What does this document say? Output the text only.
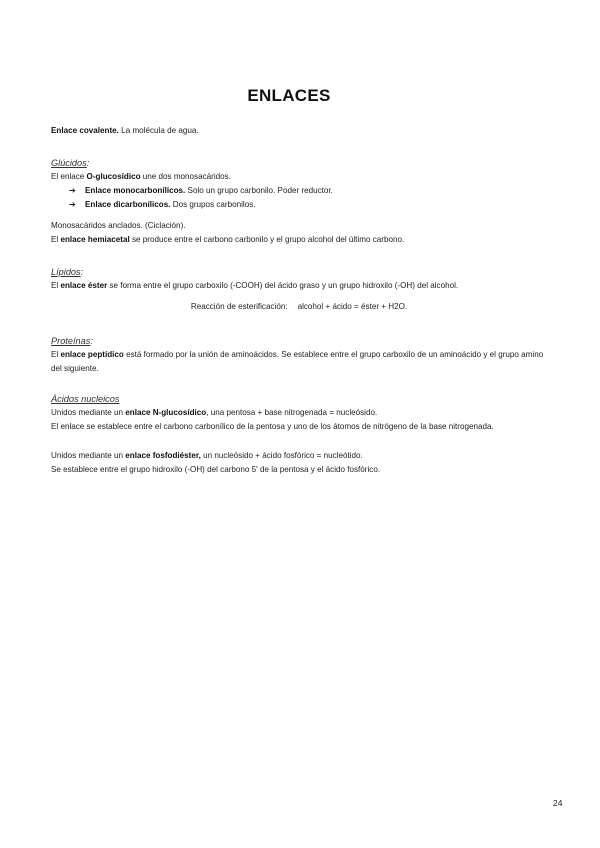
ENLACES

Enlace covalente. La molécula de agua.

Glúcidos:

El enlace O-glucosídico une dos monosacáridos.

➔ Enlace monocarbonílicos. Solo un grupo carbonilo. Poder reductor.

➔ Enlace dicarbonílicos. Dos grupos carbonilos.

Monosacáridos anclados. (Ciclación).

El enlace hemiacetal se produce entre el carbono carbonilo y el grupo alcohol del último carbono.

Lípidos:

El enlace éster se forma entre el grupo carboxilo (-COOH) del ácido graso y un grupo hidroxilo (-OH) del alcohol.

Reacción de esterificación: alcohol + ácido = éster + H2O.

Proteínas:

El enlace peptídico está formado por la unión de aminoácidos. Se establece entre el grupo carboxilo de un aminoácido y el grupo amino del siguiente.

Ácidos nucleicos

Unidos mediante un enlace N-glucosídico, una pentosa + base nitrogenada = nucleósido.

El enlace se establece entre el carbono carbonílico de la pentosa y uno de los átomos de nitrógeno de la base nitrogenada.

Unidos mediante un enlace fosfodiéster, un nucleósido + ácido fosfórico = nucleótido.

Se establece entre el grupo hidroxilo (-OH) del carbono 5' de la pentosa y el ácido fosfórico.

24
